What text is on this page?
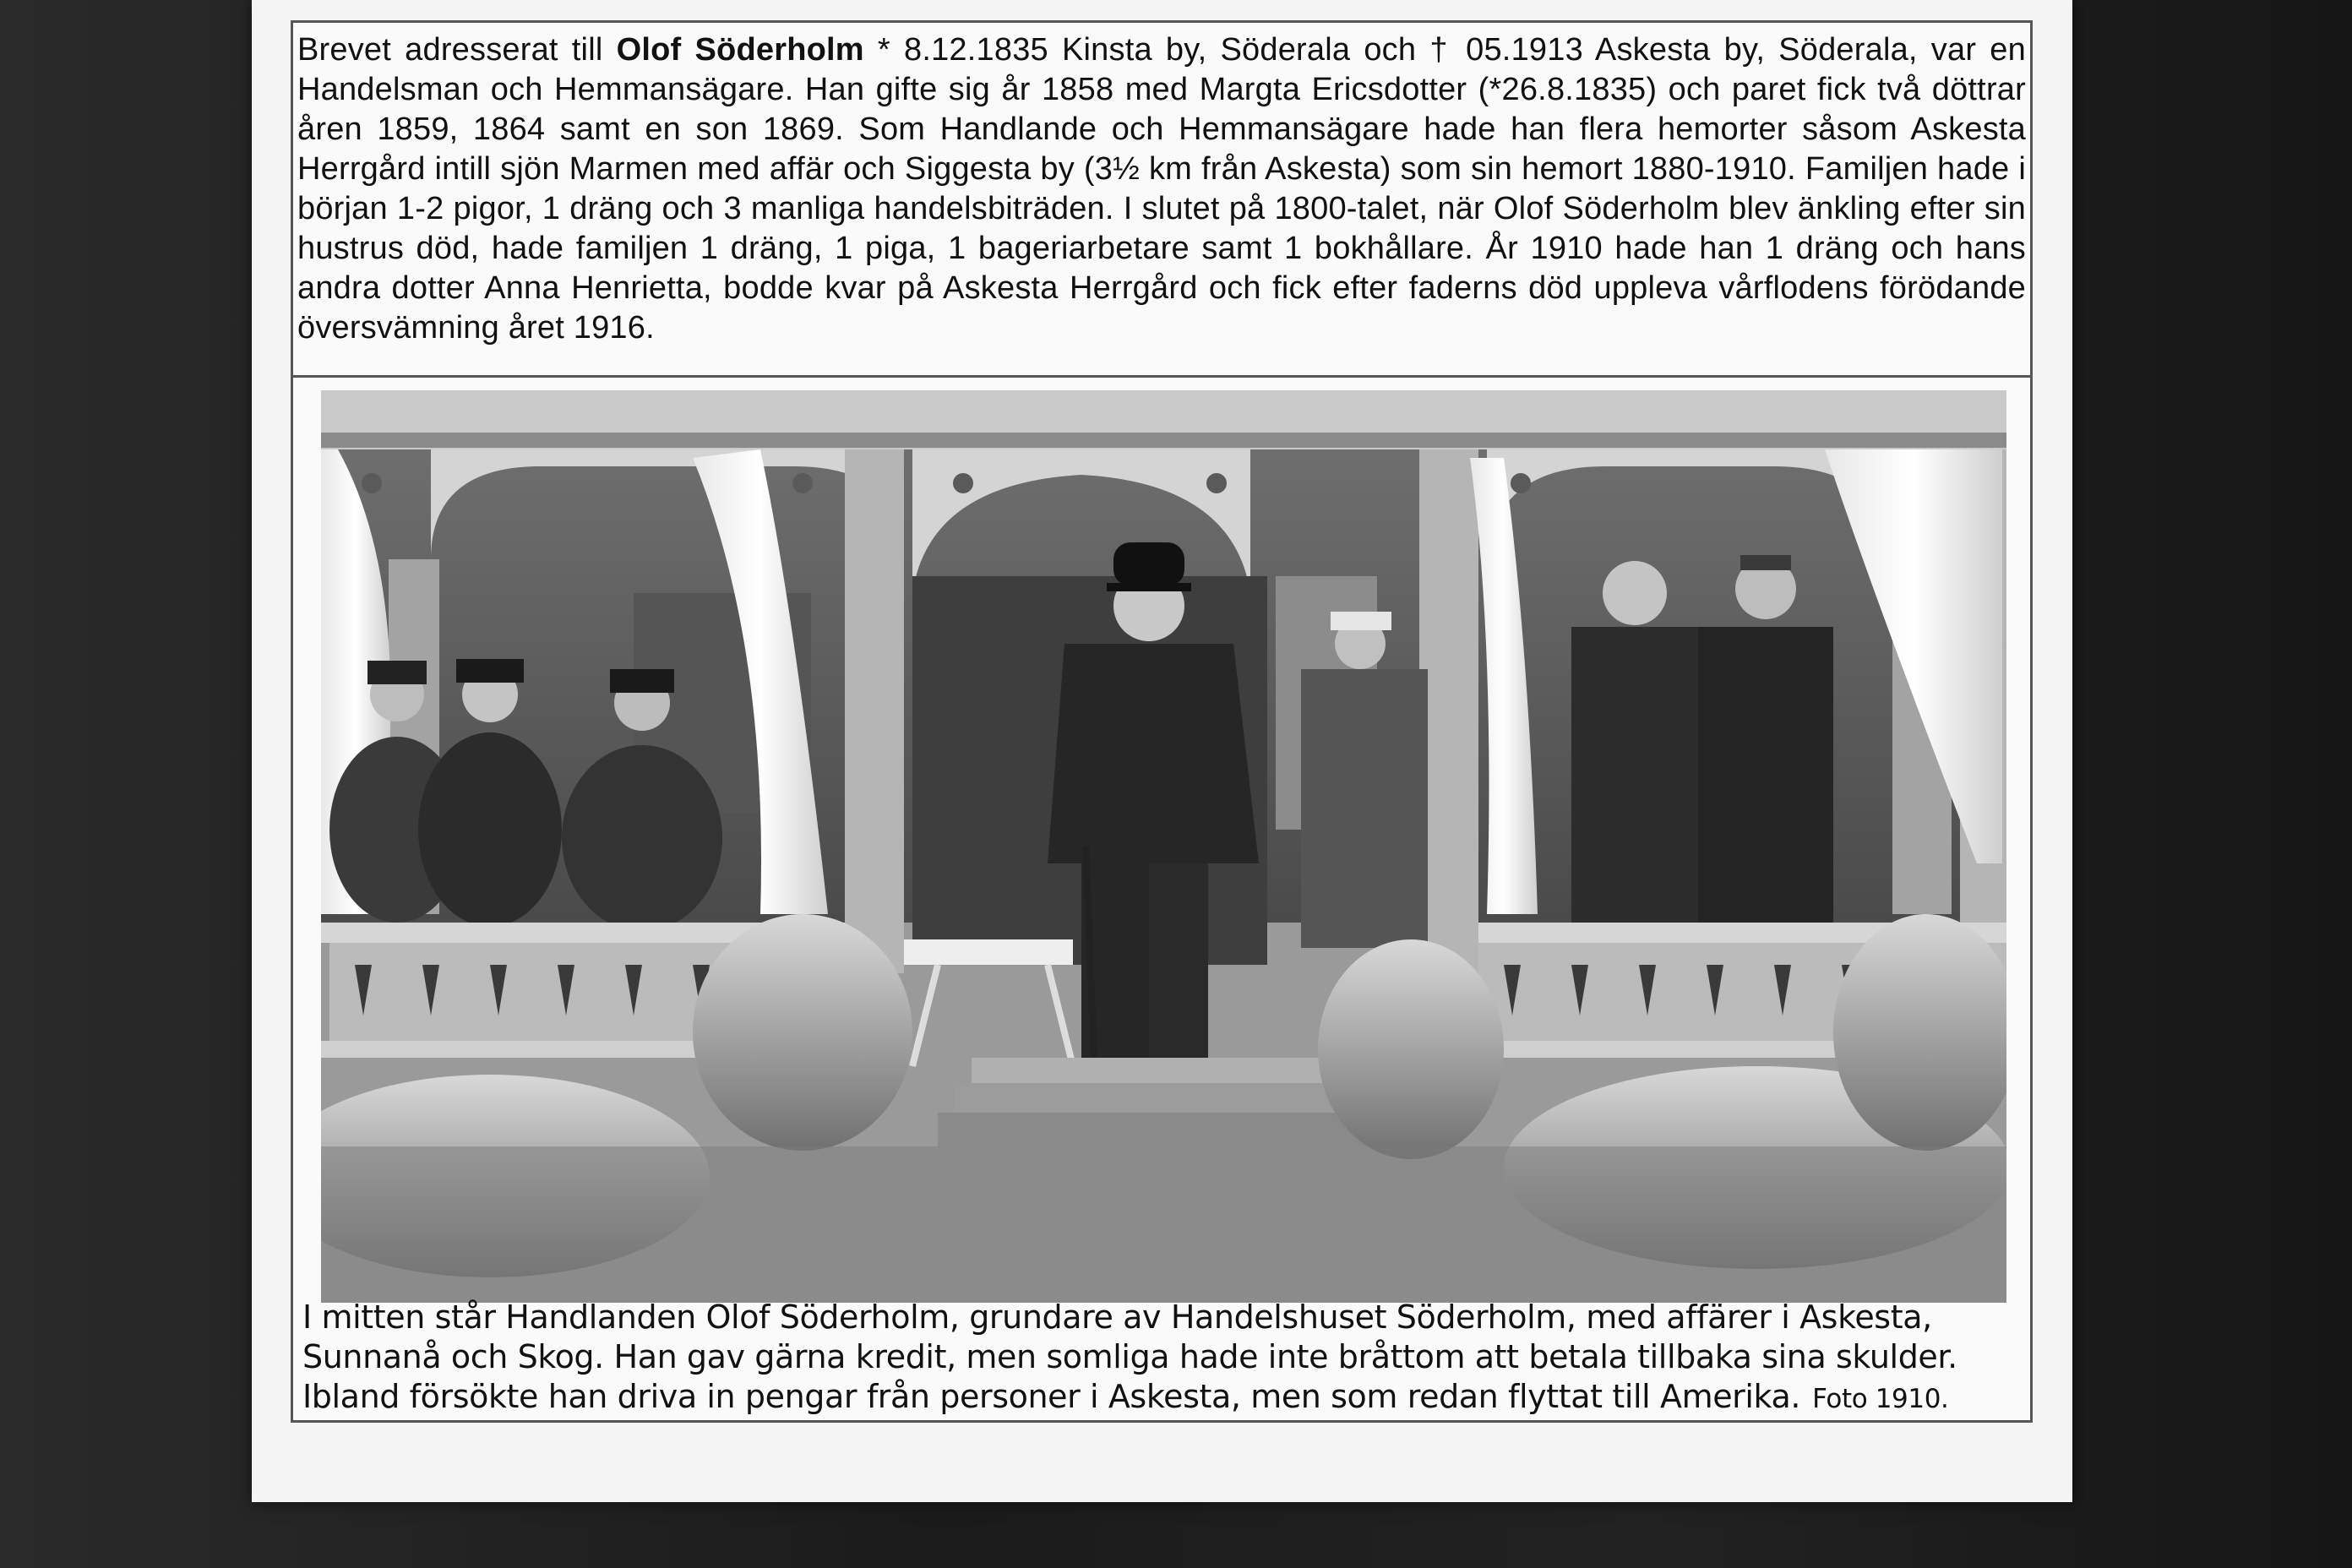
Brevet adresserat till Olof Söderholm * 8.12.1835 Kinsta by, Söderala och † 05.1913 Askesta by, Söderala, var en Handelsman och Hemmansägare. Han gifte sig år 1858 med Margta Ericsdotter (*26.8.1835) och paret fick två döttrar åren 1859, 1864 samt en son 1869. Som Handlande och Hemmansägare hade han flera hemorter såsom Askesta Herrgård intill sjön Marmen med affär och Siggesta by (3½ km från Askesta) som sin hemort 1880-1910. Familjen hade i början 1-2 pigor, 1 dräng och 3 manliga handelsbiträden. I slutet på 1800-talet, när Olof Söderholm blev änkling efter sin hustrus död, hade familjen 1 dräng, 1 piga, 1 bageriarbetare samt 1 bokhållare. År 1910 hade han 1 dräng och hans andra dotter Anna Henrietta, bodde kvar på Askesta Herrgård och fick efter faderns död uppleva vårflodens förödande översvämning året 1916.
I mitten står Handlanden Olof Söderholm, grundare av Handelshuset Söderholm, med affärer i Askesta, Sunnanå och Skog. Han gav gärna kredit, men somliga hade inte bråttom att betala tillbaka sina skulder. Ibland försökte han driva in pengar från personer i Askesta, men som redan flyttat till Amerika. Foto 1910.
